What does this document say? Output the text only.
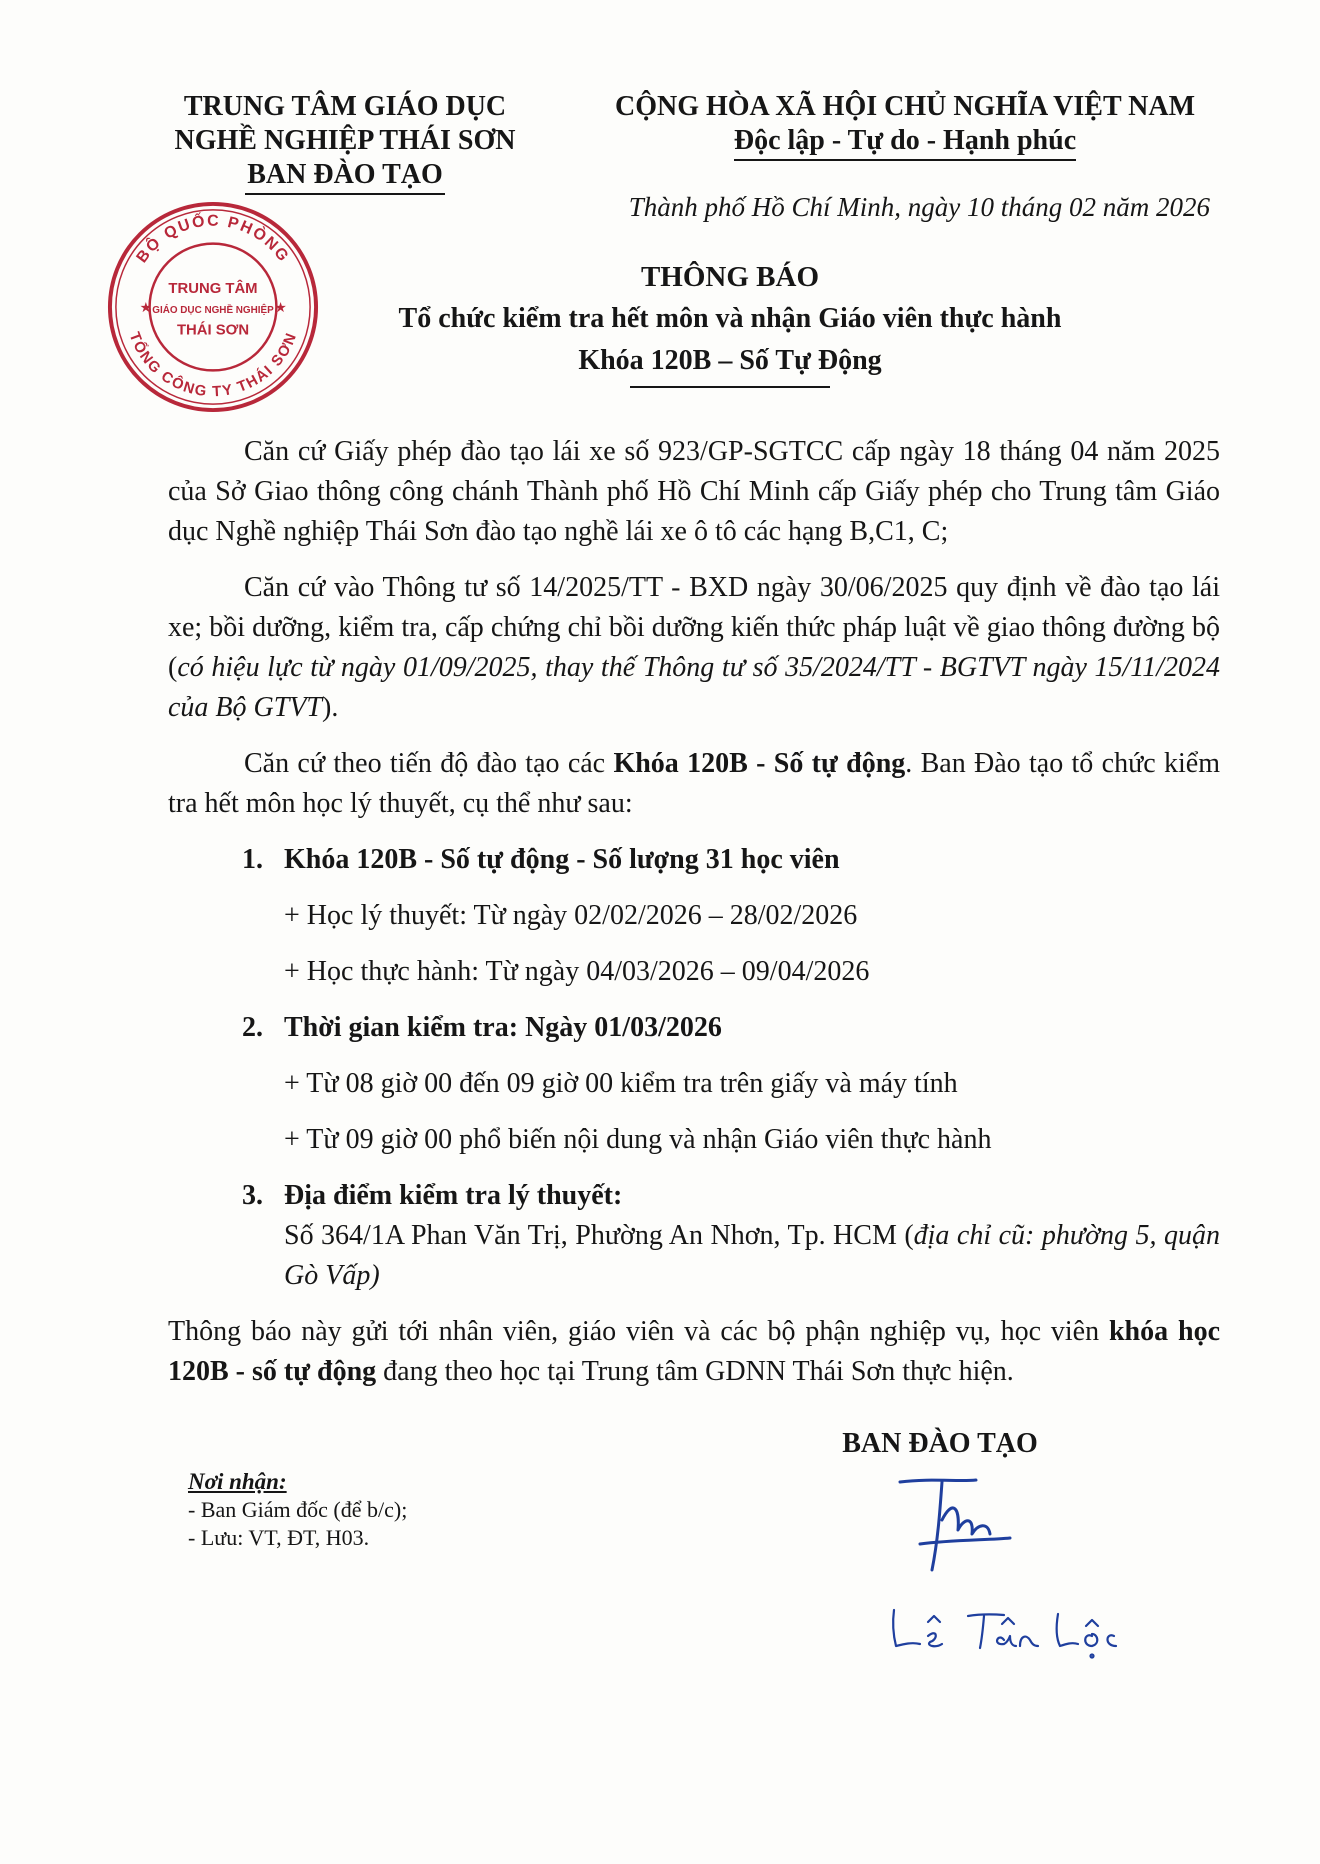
TRUNG TÂM GIÁO DỤC
NGHỀ NGHIỆP THÁI SƠN
BAN ĐÀO TẠO
CỘNG HÒA XÃ HỘI CHỦ NGHĨA VIỆT NAM
Độc lập - Tự do - Hạnh phúc
Thành phố Hồ Chí Minh, ngày 10 tháng 02 năm 2026
BỘ QUỐC PHÒNG
TỔNG CÔNG TY THÁI SƠN
TRUNG TÂM
GIÁO DỤC NGHỀ NGHIỆP
THÁI SƠN
★	★
THÔNG BÁO
Tổ chức kiểm tra hết môn và nhận Giáo viên thực hành
Khóa 120B – Số Tự Động

Căn cứ Giấy phép đào tạo lái xe số 923/GP-SGTCC cấp ngày 18 tháng 04 năm 2025 của Sở Giao thông công chánh Thành phố Hồ Chí Minh cấp Giấy phép cho Trung tâm Giáo dục Nghề nghiệp Thái Sơn đào tạo nghề lái xe ô tô các hạng B,C1, C;

Căn cứ vào Thông tư số 14/2025/TT - BXD ngày 30/06/2025 quy định về đào tạo lái xe; bồi dưỡng, kiểm tra, cấp chứng chỉ bồi dưỡng kiến thức pháp luật về giao thông đường bộ (có hiệu lực từ ngày 01/09/2025, thay thế Thông tư số 35/2024/TT - BGTVT ngày 15/11/2024 của Bộ GTVT).

Căn cứ theo tiến độ đào tạo các Khóa 120B - Số tự động. Ban Đào tạo tổ chức kiểm tra hết môn học lý thuyết, cụ thể như sau:

1. Khóa 120B - Số tự động - Số lượng 31 học viên
+ Học lý thuyết: Từ ngày 02/02/2026 – 28/02/2026
+ Học thực hành: Từ ngày 04/03/2026 – 09/04/2026
2. Thời gian kiểm tra: Ngày 01/03/2026
+ Từ 08 giờ 00 đến 09 giờ 00 kiểm tra trên giấy và máy tính
+ Từ 09 giờ 00 phổ biến nội dung và nhận Giáo viên thực hành
3. Địa điểm kiểm tra lý thuyết:
Số 364/1A Phan Văn Trị, Phường An Nhơn, Tp. HCM (địa chỉ cũ: phường 5, quận Gò Vấp)

Thông báo này gửi tới nhân viên, giáo viên và các bộ phận nghiệp vụ, học viên khóa học 120B - số tự động đang theo học tại Trung tâm GDNN Thái Sơn thực hiện.

BAN ĐÀO TẠO
Nơi nhận:
- Ban Giám đốc (để b/c);
- Lưu: VT, ĐT, H03.
